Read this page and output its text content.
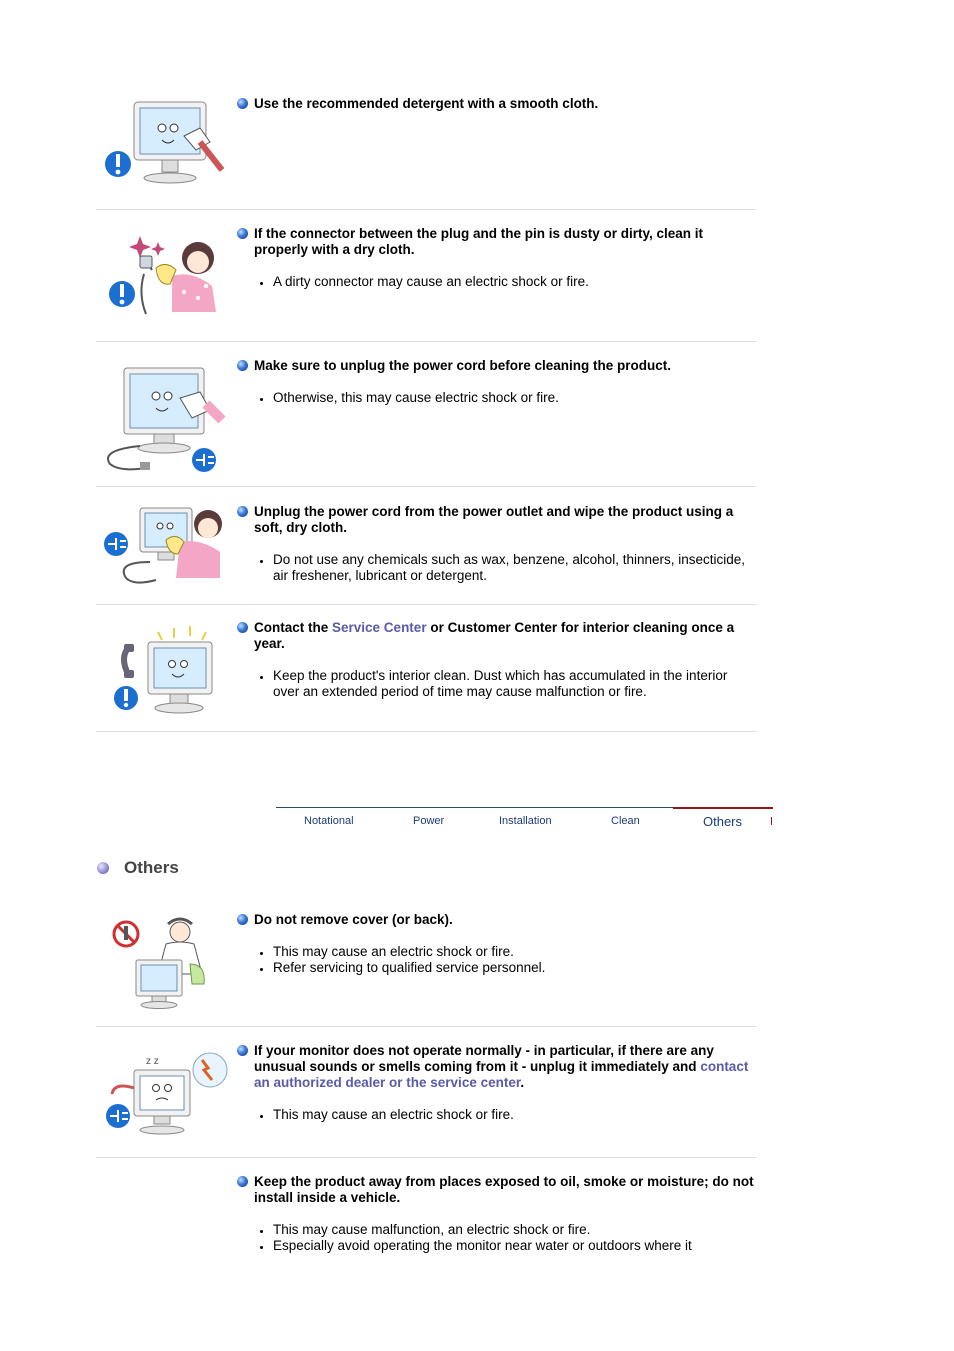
Use the recommended detergent with a smooth cloth.
If the connector between the plug and the pin is dusty or dirty, clean it properly with a dry cloth.
A dirty connector may cause an electric shock or fire.
Make sure to unplug the power cord before cleaning the product.
Otherwise, this may cause electric shock or fire.
Unplug the power cord from the power outlet and wipe the product using a soft, dry cloth.
Do not use any chemicals such as wax, benzene, alcohol, thinners, insecticide, air freshener, lubricant or detergent.
Contact the Service Center or Customer Center for interior cleaning once a year.
Keep the product's interior clean. Dust which has accumulated in the interior over an extended period of time may cause malfunction or fire.
Notational	Power	Installation	Clean	Others
Others
Do not remove cover (or back).
This may cause an electric shock or fire.
Refer servicing to qualified service personnel.
z z
If your monitor does not operate normally - in particular, if there are any unusual sounds or smells coming from it - unplug it immediately and contact an authorized dealer or the service center.
This may cause an electric shock or fire.
Keep the product away from places exposed to oil, smoke or moisture; do not install inside a vehicle.
This may cause malfunction, an electric shock or fire.
Especially avoid operating the monitor near water or outdoors where it
